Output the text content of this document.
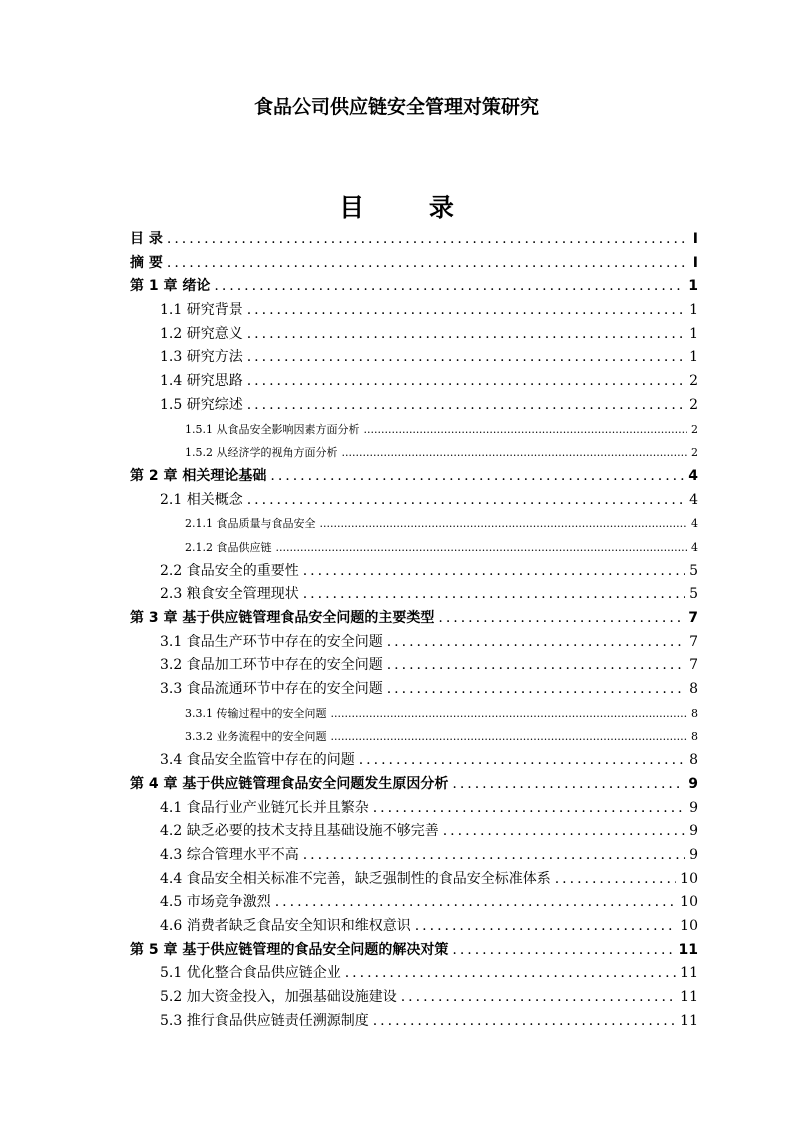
食品公司供应链安全管理对策研究
目 录
目 录 .....	I
摘 要 .....	I
第 1 章 绪论 .....	1
1.1 研究背景 .....	1
1.2 研究意义 .....	1
1.3 研究方法 .....	1
1.4 研究思路 .....	2
1.5 研究综述 .....	2
1.5.1 从食品安全影响因素方面分析 .....	2
1.5.2 从经济学的视角方面分析 .....	2
第 2 章 相关理论基础 .....	4
2.1 相关概念 .....	4
2.1.1 食品质量与食品安全 .....	4
2.1.2 食品供应链 .....	4
2.2 食品安全的重要性 .....	5
2.3 粮食安全管理现状 .....	5
第 3 章 基于供应链管理食品安全问题的主要类型 .....	7
3.1 食品生产环节中存在的安全问题 .....	7
3.2 食品加工环节中存在的安全问题 .....	7
3.3 食品流通环节中存在的安全问题 .....	8
3.3.1 传输过程中的安全问题 .....	8
3.3.2 业务流程中的安全问题 .....	8
3.4 食品安全监管中存在的问题 .....	8
第 4 章 基于供应链管理食品安全问题发生原因分析 .....	9
4.1 食品行业产业链冗长并且繁杂 .....	9
4.2 缺乏必要的技术支持且基础设施不够完善 .....	9
4.3 综合管理水平不高 .....	9
4.4 食品安全相关标准不完善，缺乏强制性的食品安全标准体系 .....	10
4.5 市场竞争激烈 .....	10
4.6 消费者缺乏食品安全知识和维权意识 .....	10
第 5 章 基于供应链管理的食品安全问题的解决对策 .....	11
5.1 优化整合食品供应链企业 .....	11
5.2 加大资金投入，加强基础设施建设 .....	11
5.3 推行食品供应链责任溯源制度 .....	11
